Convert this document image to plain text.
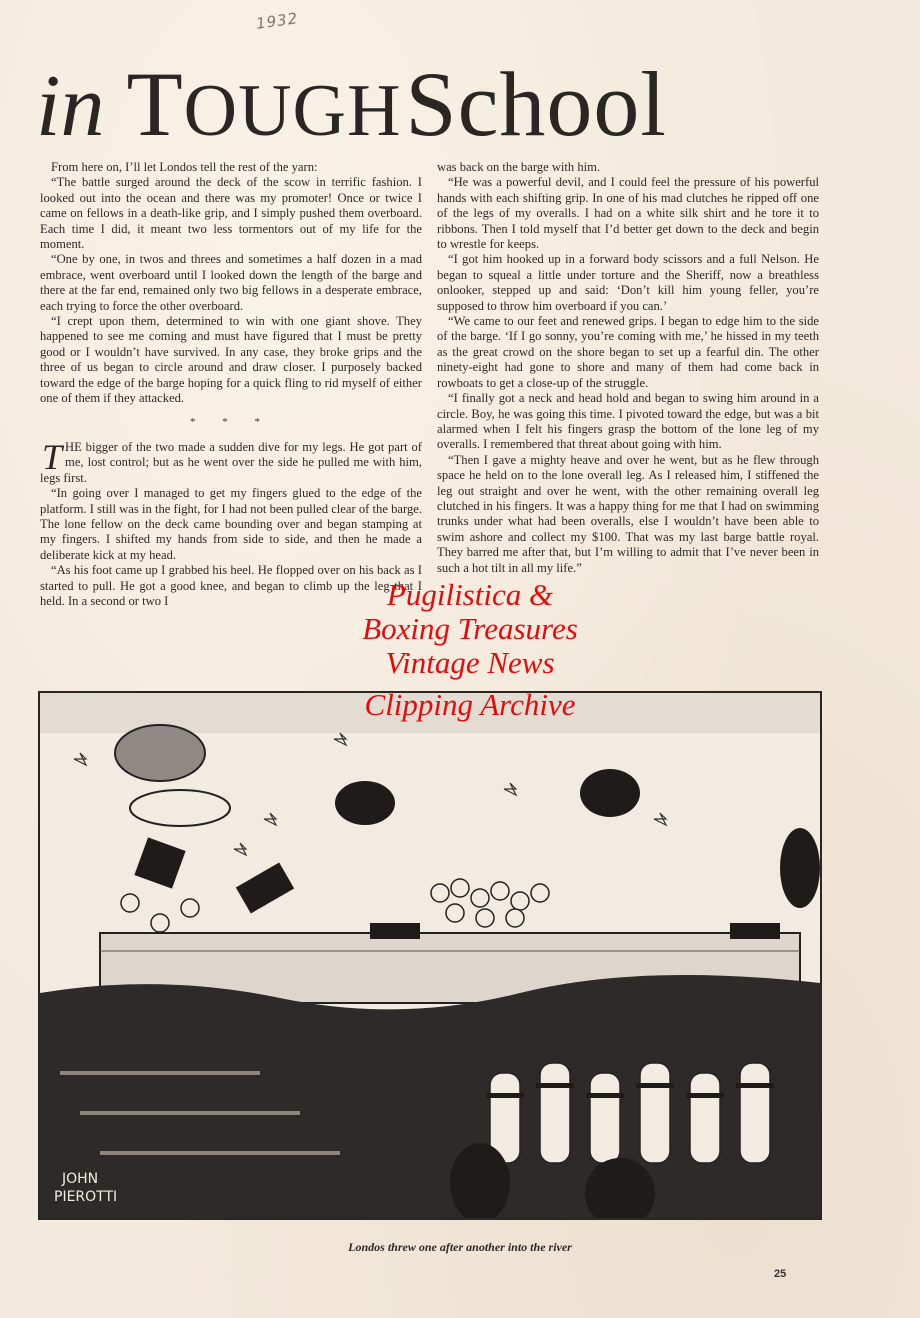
1932
in TOUGH School

From here on, I’ll let Londos tell the rest of the yarn:

“The battle surged around the deck of the scow in terrific fashion. I looked out into the ocean and there was my promoter! Once or twice I came on fellows in a death-like grip, and I simply pushed them overboard. Each time I did, it meant two less tormentors out of my life for the moment.

“One by one, in twos and threes and sometimes a half dozen in a mad embrace, went overboard until I looked down the length of the barge and there at the far end, remained only two big fellows in a desperate embrace, each trying to force the other overboard.

“I crept upon them, determined to win with one giant shove. They happened to see me coming and must have figured that I must be pretty good or I wouldn’t have survived. In any case, they broke grips and the three of us began to circle around and draw closer. I purposely backed toward the edge of the barge hoping for a quick fling to rid myself of either one of them if they attacked.

* * *

THE bigger of the two made a sudden dive for my legs. He got part of me, lost control; but as he went over the side he pulled me with him, legs first.

“In going over I managed to get my fingers glued to the edge of the platform. I still was in the fight, for I had not been pulled clear of the barge. The lone fellow on the deck came bounding over and began stamping at my fingers. I shifted my hands from side to side, and then he made a deliberate kick at my head.

“As his foot came up I grabbed his heel. He flopped over on his back as I started to pull. He got a good knee, and began to climb up the leg that I held. In a second or two I

was back on the barge with him.

“He was a powerful devil, and I could feel the pressure of his powerful hands with each shifting grip. In one of his mad clutches he ripped off one of the legs of my overalls. I had on a white silk shirt and he tore it to ribbons. Then I told myself that I’d better get down to the deck and begin to wrestle for keeps.

“I got him hooked up in a forward body scissors and a full Nelson. He began to squeal a little under torture and the Sheriff, now a breathless onlooker, stepped up and said: ‘Don’t kill him young feller, you’re supposed to throw him overboard if you can.’

“We came to our feet and renewed grips. I began to edge him to the side of the barge. ‘If I go sonny, you’re coming with me,’ he hissed in my teeth as the great crowd on the shore began to set up a fearful din. The other ninety-eight had gone to shore and many of them had come back in rowboats to get a close-up of the struggle.

“I finally got a neck and head hold and began to swing him around in a circle. Boy, he was going this time. I pivoted toward the edge, but was a bit alarmed when I felt his fingers grasp the bottom of the lone leg of my overalls. I remembered that threat about going with him.

“Then I gave a mighty heave and over he went, but as he flew through space he held on to the lone overall leg. As I released him, I stiffened the leg out straight and over he went, with the other remaining overall leg clutched in his fingers. It was a happy thing for me that I had on swimming trunks under what had been overalls, else I wouldn’t have been able to swim ashore and collect my $100. That was my last barge battle royal. They barred me after that, but I’m willing to admit that I’ve never been in such a hot tilt in all my life.”

JOHN
PIEROTTI
Pugilistica &
Boxing Treasures
Vintage News
Clipping Archive
Londos threw one after another into the river
25
